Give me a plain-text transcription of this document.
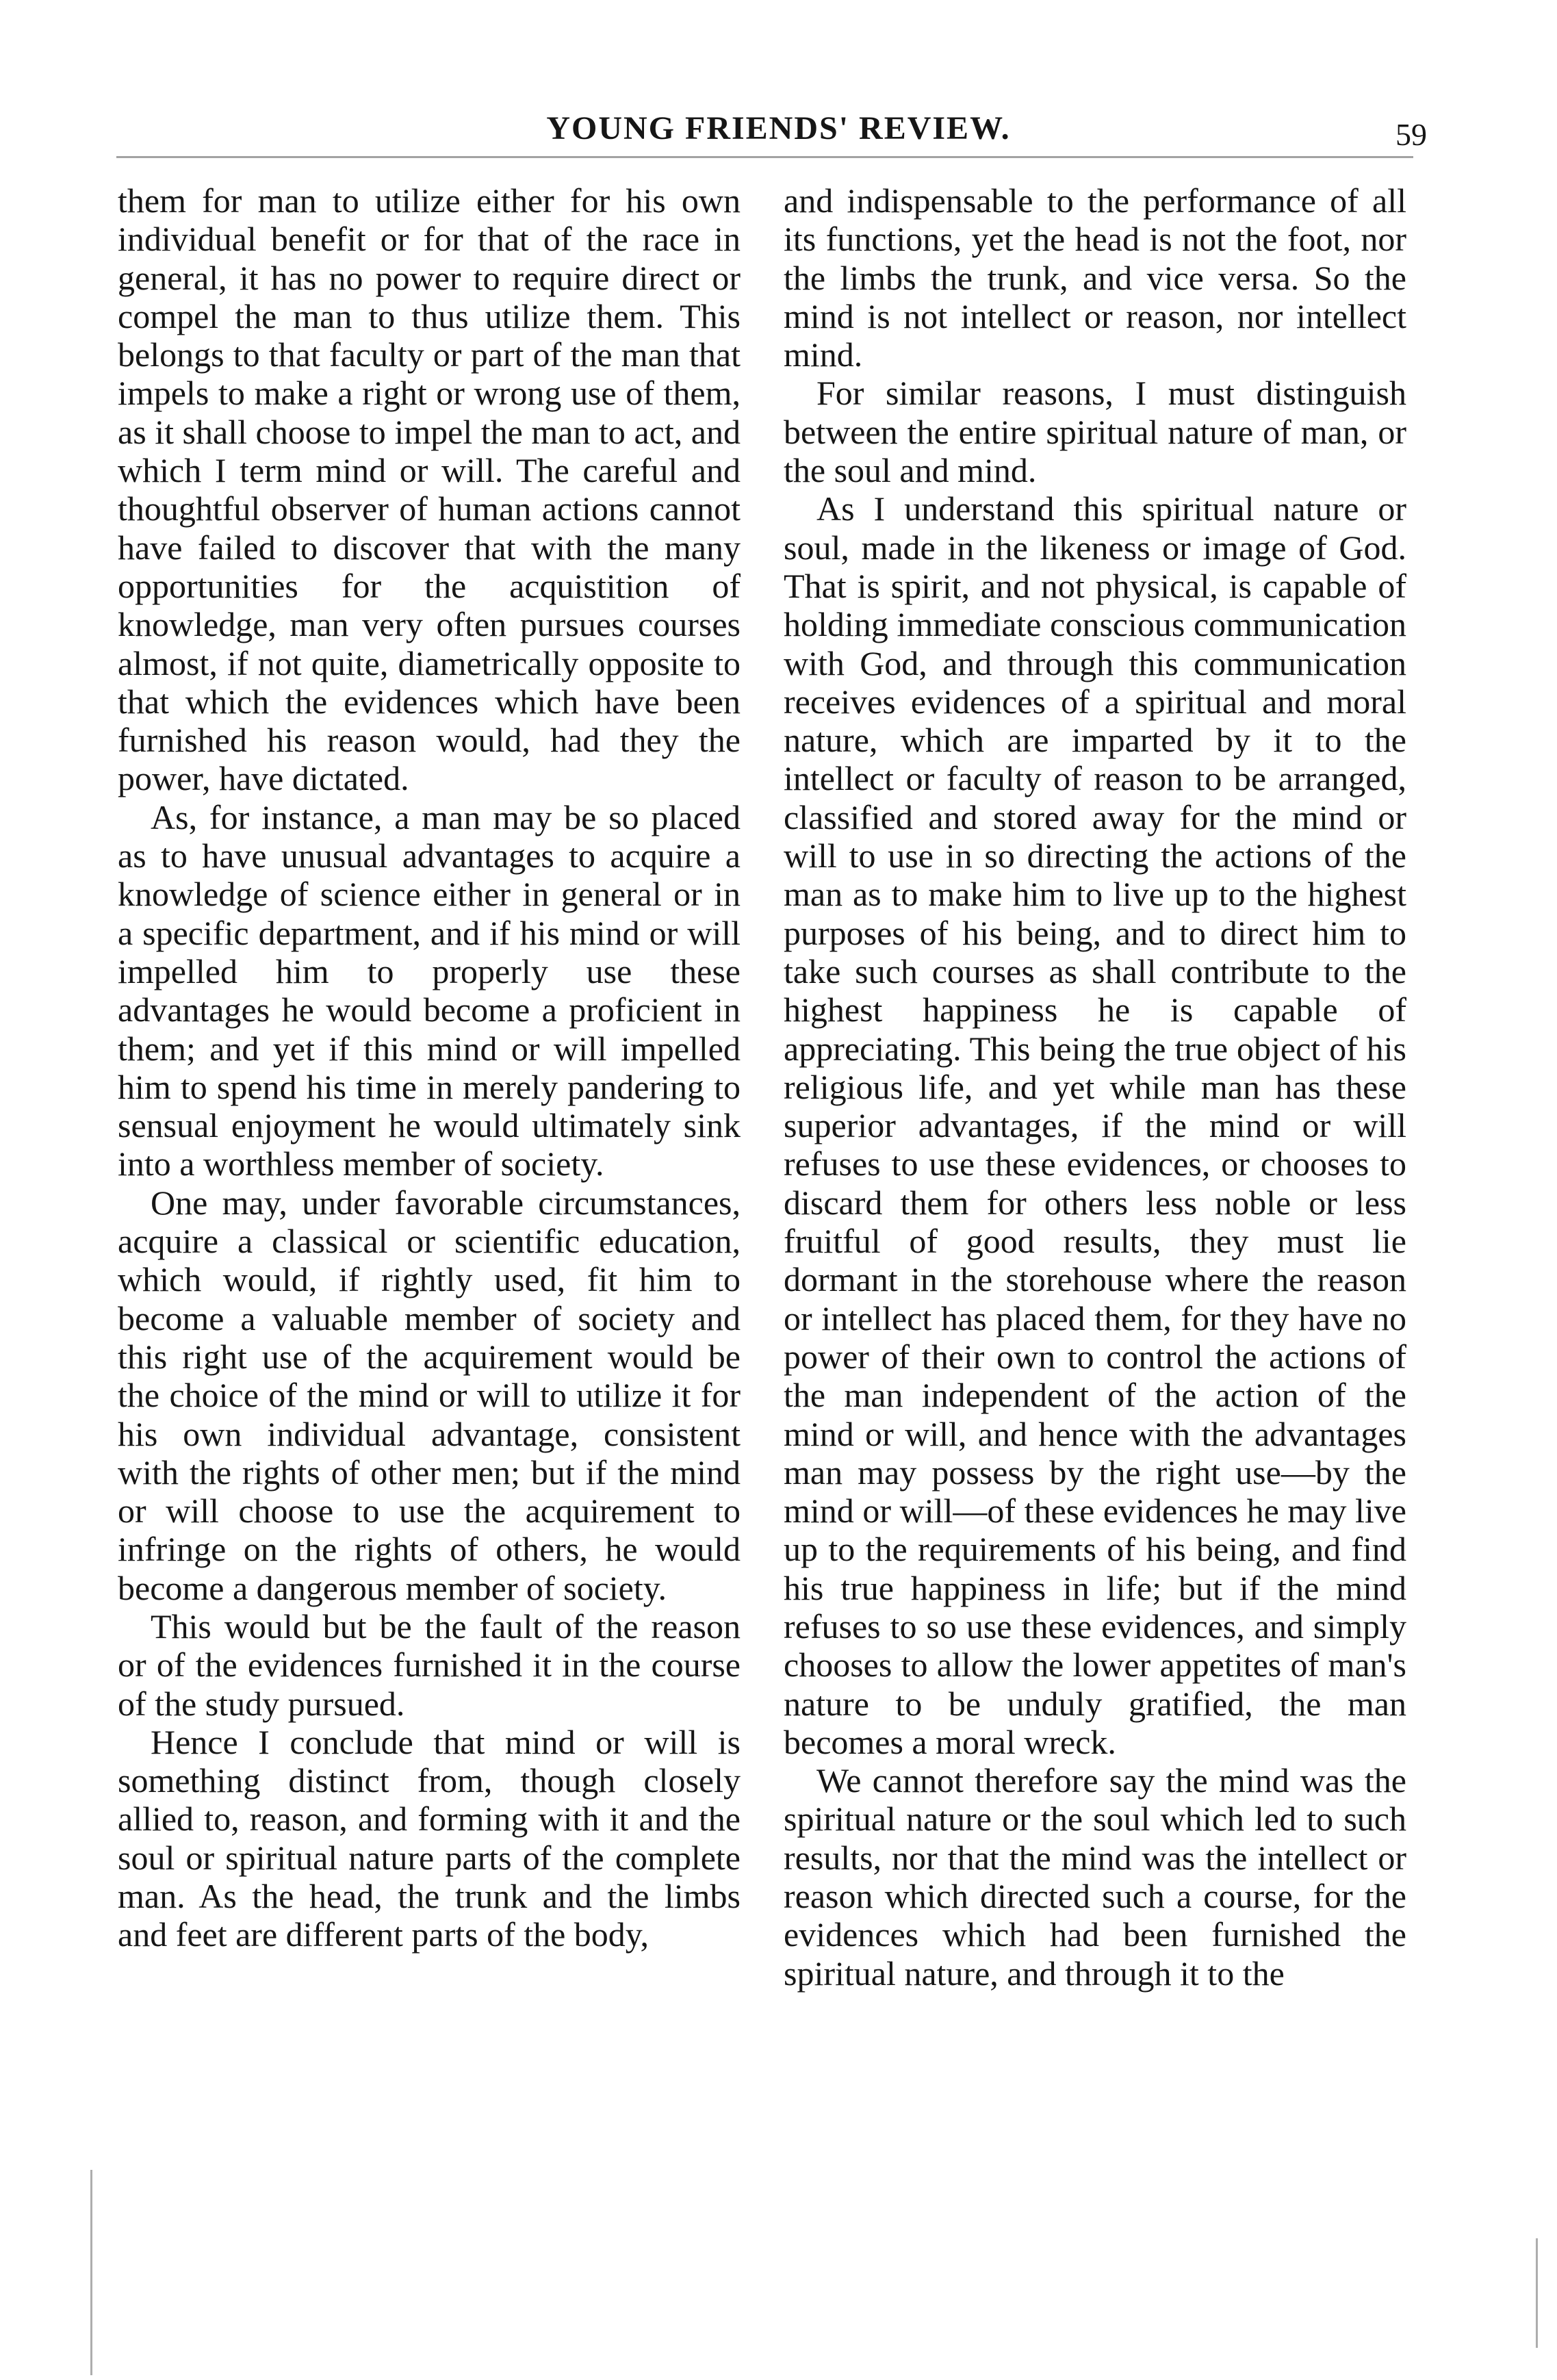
YOUNG FRIENDS' REVIEW.	59

them for man to utilize either for his own individual benefit or for that of the race in general, it has no power to require direct or compel the man to thus utilize them. This belongs to that faculty or part of the man that impels to make a right or wrong use of them, as it shall choose to impel the man to act, and which I term mind or will. The careful and thoughtful observer of human actions cannot have failed to discover that with the many opportunities for the acquistition of knowledge, man very often pursues courses almost, if not quite, diametrically opposite to that which the evidences which have been furnished his reason would, had they the power, have dictated.

As, for instance, a man may be so placed as to have unusual advantages to acquire a knowledge of science either in general or in a specific department, and if his mind or will impelled him to properly use these advantages he would become a proficient in them; and yet if this mind or will impelled him to spend his time in merely pandering to sensual enjoyment he would ultimately sink into a worthless member of society.

One may, under favorable circumstances, acquire a classical or scientific education, which would, if rightly used, fit him to become a valuable member of society and this right use of the acquirement would be the choice of the mind or will to utilize it for his own individual advantage, consistent with the rights of other men; but if the mind or will choose to use the acquirement to infringe on the rights of others, he would become a dangerous member of society.

This would but be the fault of the reason or of the evidences furnished it in the course of the study pursued.

Hence I conclude that mind or will is something distinct from, though closely allied to, reason, and forming with it and the soul or spiritual nature parts of the complete man. As the head, the trunk and the limbs and feet are different parts of the body,

and indispensable to the performance of all its functions, yet the head is not the foot, nor the limbs the trunk, and vice versa. So the mind is not intellect or reason, nor intellect mind.

For similar reasons, I must distinguish between the entire spiritual nature of man, or the soul and mind.

As I understand this spiritual nature or soul, made in the likeness or image of God. That is spirit, and not physical, is capable of holding immediate conscious communication with God, and through this communication receives evidences of a spiritual and moral nature, which are imparted by it to the intellect or faculty of reason to be arranged, classified and stored away for the mind or will to use in so directing the actions of the man as to make him to live up to the highest purposes of his being, and to direct him to take such courses as shall contribute to the highest happiness he is capable of appreciating. This being the true object of his religious life, and yet while man has these superior advantages, if the mind or will refuses to use these evidences, or chooses to discard them for others less noble or less fruitful of good results, they must lie dormant in the storehouse where the reason or intellect has placed them, for they have no power of their own to control the actions of the man independent of the action of the mind or will, and hence with the advantages man may possess by the right use—by the mind or will—of these evidences he may live up to the requirements of his being, and find his true happiness in life; but if the mind refuses to so use these evidences, and simply chooses to allow the lower appetites of man's nature to be unduly gratified, the man becomes a moral wreck.

We cannot therefore say the mind was the spiritual nature or the soul which led to such results, nor that the mind was the intellect or reason which directed such a course, for the evidences which had been furnished the spiritual nature, and through it to the
